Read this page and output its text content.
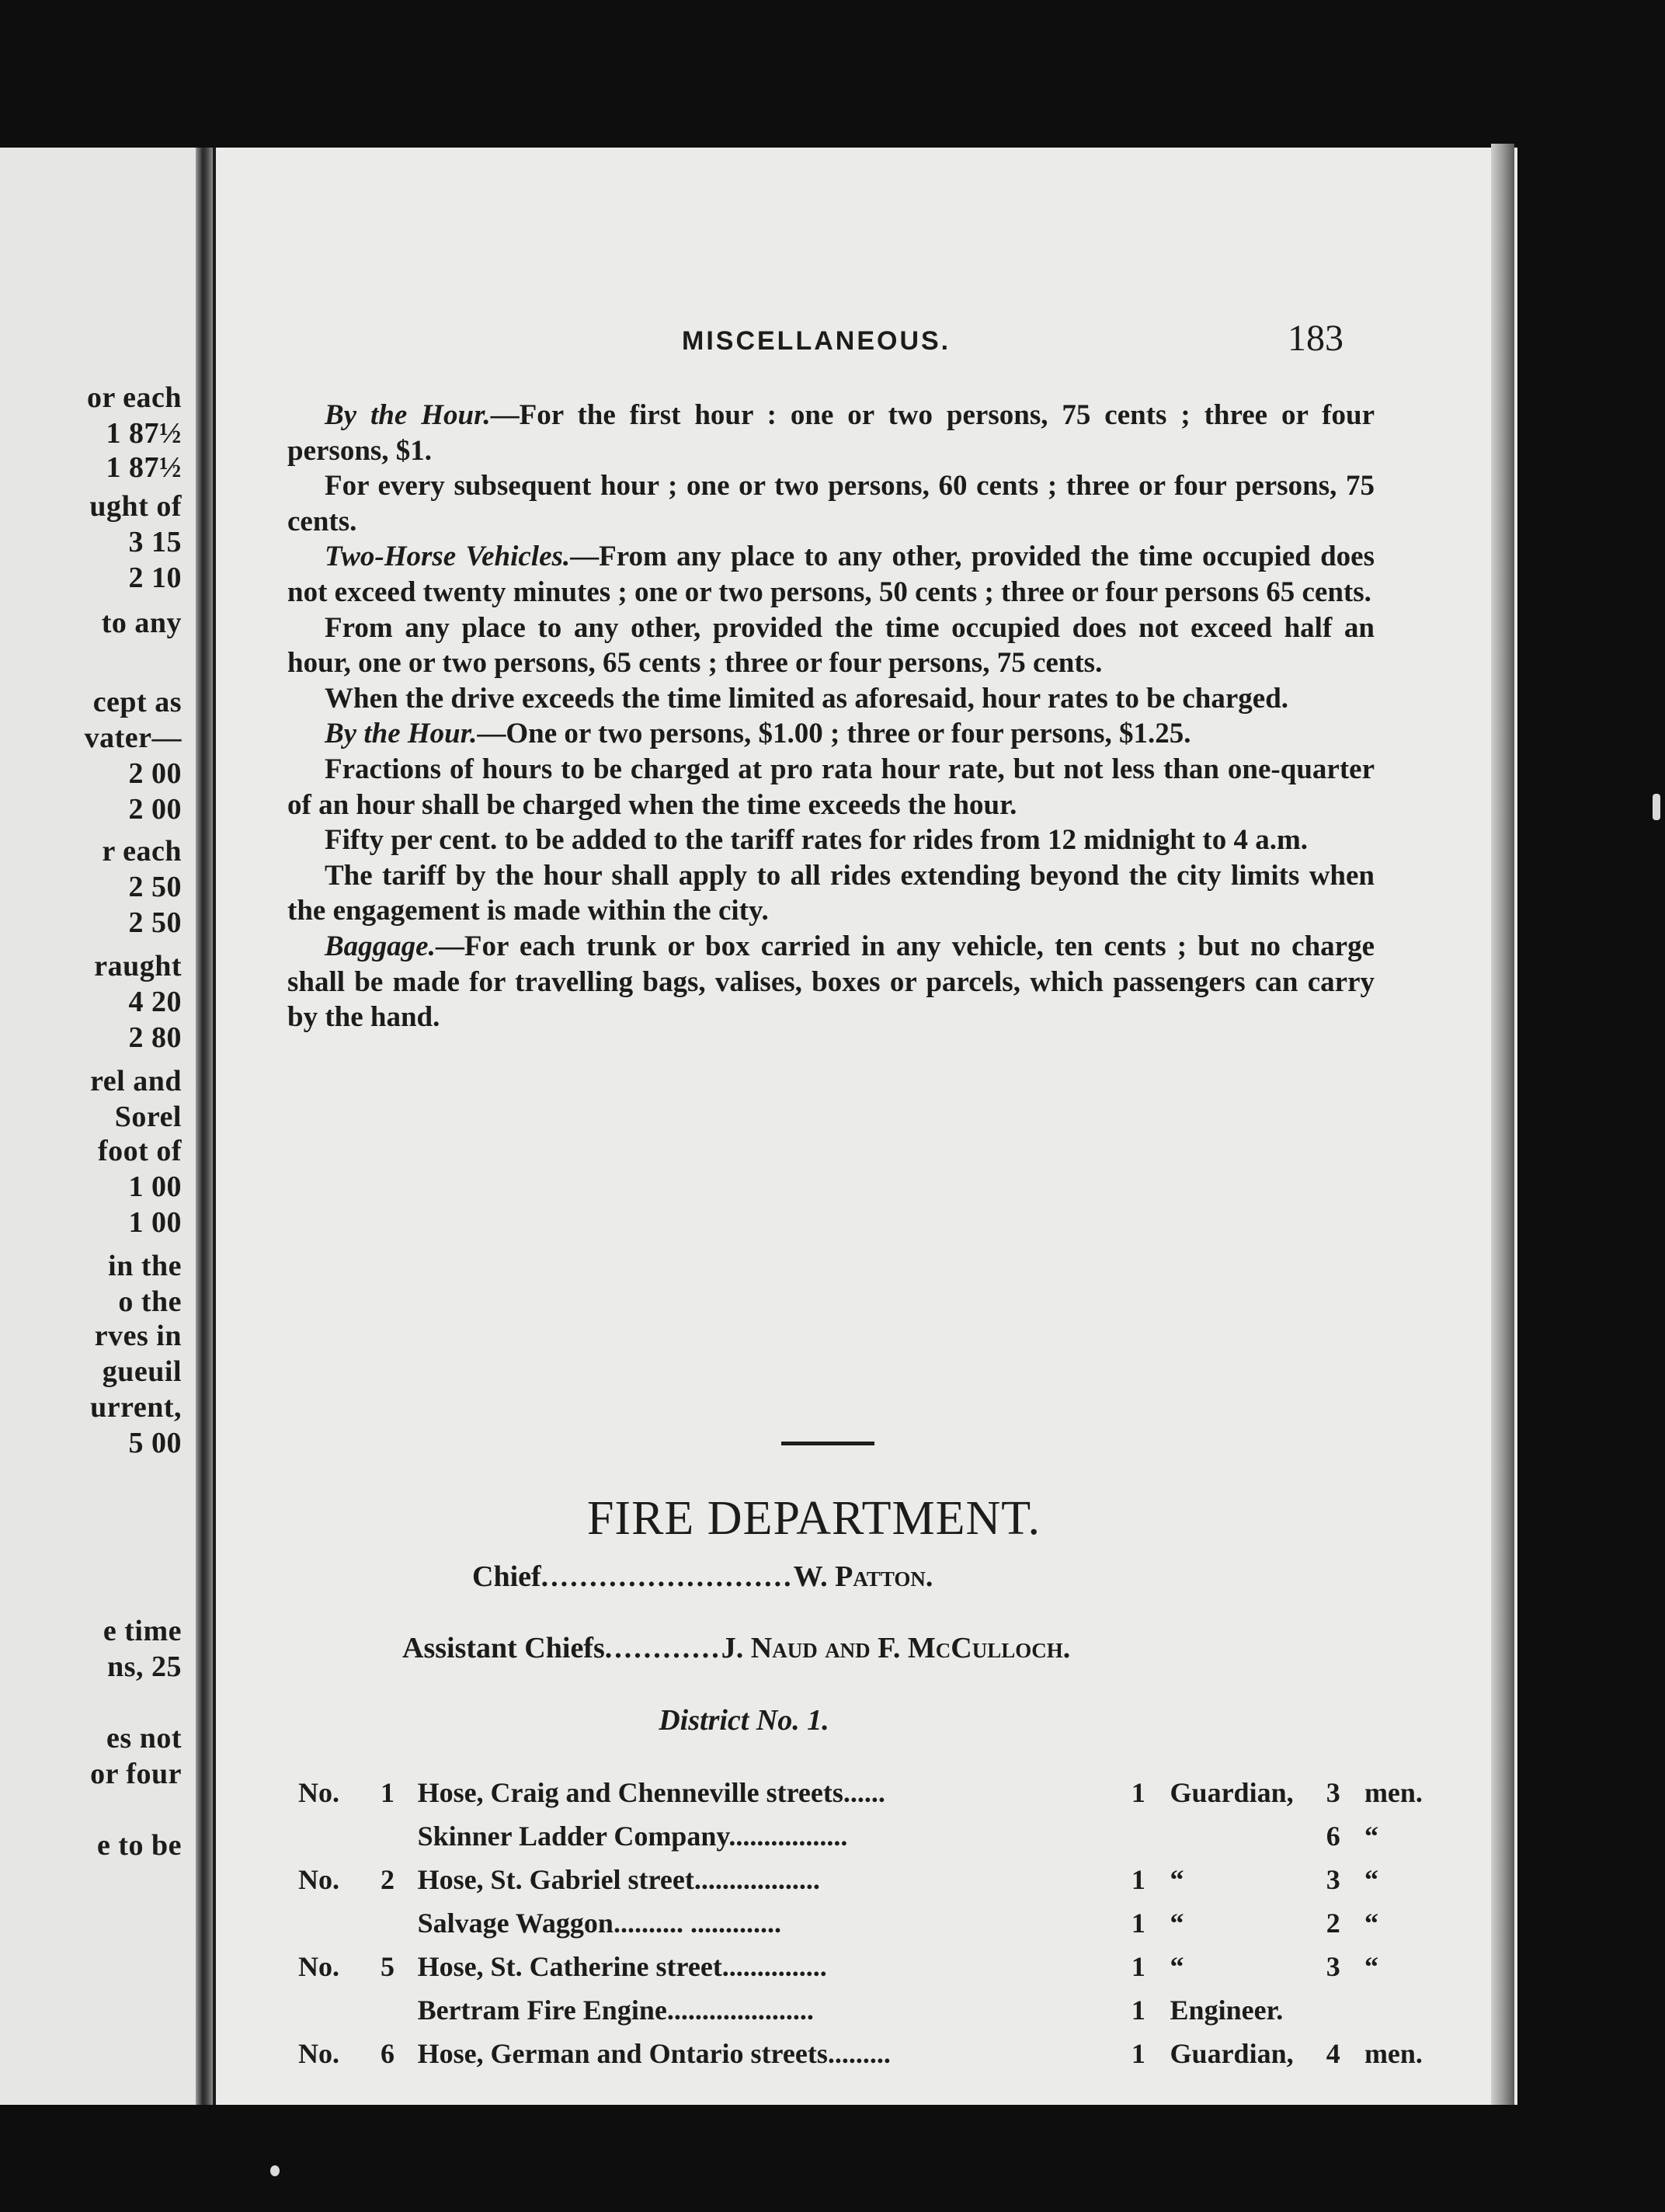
or each
1 87½
1 87½
ught of
3 15
2 10
to any
cept as
vater—
2 00
2 00
r each
2 50
2 50
raught
4 20
2 80
rel and
Sorel
foot of
1 00
1 00
in the
o the
rves in
gueuil
urrent,
5 00
e time
ns, 25
es not
or four
e to be
MISCELLANEOUS.	183

By the Hour.—For the first hour : one or two persons, 75 cents ; three or four persons, $1.

For every subsequent hour ; one or two persons, 60 cents ; three or four persons, 75 cents.

Two-Horse Vehicles.—From any place to any other, provided the time occupied does not exceed twenty minutes ; one or two persons, 50 cents ; three or four persons 65 cents.

From any place to any other, provided the time occupied does not exceed half an hour, one or two persons, 65 cents ; three or four persons, 75 cents.

When the drive exceeds the time limited as aforesaid, hour rates to be charged.

By the Hour.—One or two persons, $1.00 ; three or four persons, $1.25.

Fractions of hours to be charged at pro rata hour rate, but not less than one-quarter of an hour shall be charged when the time exceeds the hour.

Fifty per cent. to be added to the tariff rates for rides from 12 midnight to 4 a.m.

The tariff by the hour shall apply to all rides extending beyond the city limits when the engagement is made within the city.

Baggage.—For each trunk or box carried in any vehicle, ten cents ; but no charge shall be made for travelling bags, valises, boxes or parcels, which passengers can carry by the hand.

FIRE DEPARTMENT.
Chief..........................W. Patton.
Assistant Chiefs............J. Naud and F. McCulloch.
District No. 1.
No.	1	Hose, Craig and Chenneville streets......	1	Guardian,	3	men.
		Skinner Ladder Company.................			6	“
No.	2	Hose, St. Gabriel street..................	1	“	3	“
		Salvage Waggon.......... .............	1	“	2	“
No.	5	Hose, St. Catherine street...............	1	“	3	“
		Bertram Fire Engine.....................	1	Engineer.		
No.	6	Hose, German and Ontario streets.........	1	Guardian,	4	men.
